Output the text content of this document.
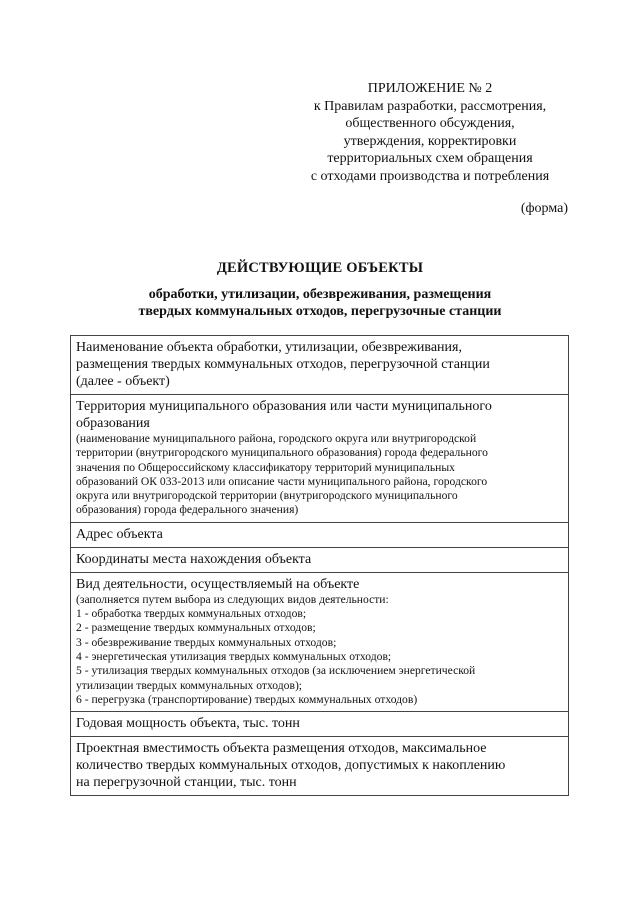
ПРИЛОЖЕНИЕ № 2
к Правилам разработки, рассмотрения,
общественного обсуждения,
утверждения, корректировки
территориальных схем обращения
с отходами производства и потребления
(форма)
ДЕЙСТВУЮЩИЕ ОБЪЕКТЫ
обработки, утилизации, обезвреживания, размещения
твердых коммунальных отходов, перегрузочные станции
Наименование объекта обработки, утилизации, обезвреживания,
размещения твердых коммунальных отходов, перегрузочной станции
(далее - объект)

Территория муниципального образования или части муниципального
образования
(наименование муниципального района, городского округа или внутригородской
территории (внутригородского муниципального образования) города федерального
значения по Общероссийскому классификатору территорий муниципальных
образований ОК 033-2013 или описание части муниципального района, городского
округа или внутригородской территории (внутригородского муниципального
образования) города федерального значения)

Адрес объекта

Координаты места нахождения объекта

Вид деятельности, осуществляемый на объекте
(заполняется путем выбора из следующих видов деятельности:
1 - обработка твердых коммунальных отходов;
2 - размещение твердых коммунальных отходов;
3 - обезвреживание твердых коммунальных отходов;
4 - энергетическая утилизация твердых коммунальных отходов;
5 - утилизация твердых коммунальных отходов (за исключением энергетической
утилизации твердых коммунальных отходов);
6 - перегрузка (транспортирование) твердых коммунальных отходов)

Годовая мощность объекта, тыс. тонн

Проектная вместимость объекта размещения отходов, максимальное
количество твердых коммунальных отходов, допустимых к накоплению
на перегрузочной станции, тыс. тонн
